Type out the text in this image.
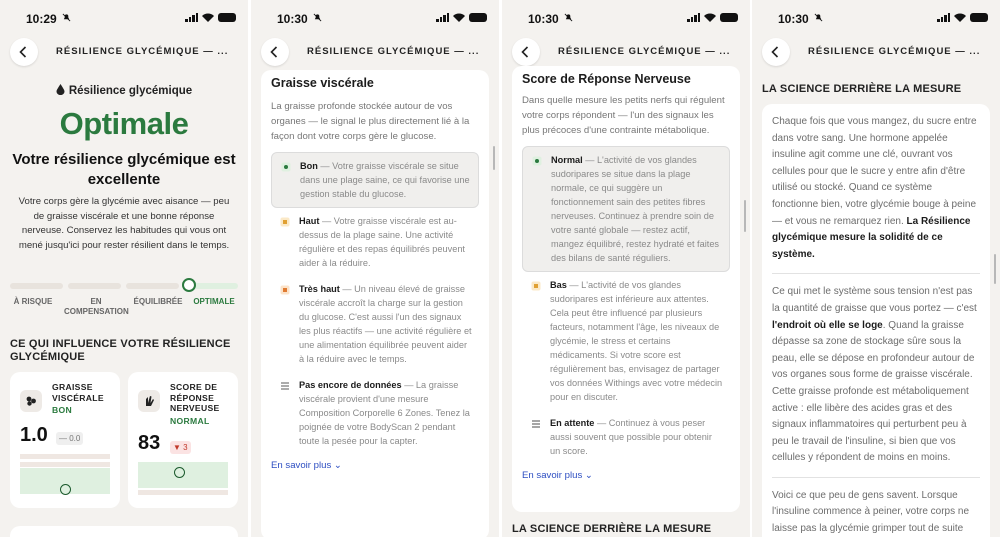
10:29
RÉSILIENCE GLYCÉMIQUE — ...
Résilience glycémique
Optimale
Votre résilience glycémique est excellente
Votre corps gère la glycémie avec aisance — peu de graisse viscérale et une bonne réponse nerveuse. Conservez les habitudes qui vous ont mené jusqu'ici pour rester résilient dans le temps.
À RISQUE	EN COMPENSATION
ÉQUILIBRÉE	OPTIMALE
CE QUI INFLUENCE VOTRE RÉSILIENCE GLYCÉMIQUE
GRAISSE VISCÉRALE
BON
1.0	— 0.0
SCORE DE RÉPONSE NERVEUSE
NORMAL
83	▼ 3
10:30
RÉSILIENCE GLYCÉMIQUE — ...
Graisse viscérale
La graisse profonde stockée autour de vos organes — le signal le plus directement lié à la façon dont votre corps gère le glucose.
Bon — Votre graisse viscérale se situe dans une plage saine, ce qui favorise une gestion stable du glucose.
Haut — Votre graisse viscérale est au-dessus de la plage saine. Une activité régulière et des repas équilibrés peuvent aider à la réduire.
Très haut — Un niveau élevé de graisse viscérale accroît la charge sur la gestion du glucose. C'est aussi l'un des signaux les plus réactifs — une activité régulière et une alimentation équilibrée peuvent aider à la réduire avec le temps.
Pas encore de données — La graisse viscérale provient d'une mesure Composition Corporelle 6 Zones. Tenez la poignée de votre BodyScan 2 pendant toute la pesée pour la capter.
En savoir plus ⌄
10:30
RÉSILIENCE GLYCÉMIQUE — ...
Score de Réponse Nerveuse
Dans quelle mesure les petits nerfs qui régulent votre corps répondent — l'un des signaux les plus précoces d'une contrainte métabolique.
Normal — L'activité de vos glandes sudoripares se situe dans la plage normale, ce qui suggère un fonctionnement sain des petites fibres nerveuses. Continuez à prendre soin de votre santé globale — restez actif, mangez équilibré, restez hydraté et faites des bilans de santé réguliers.
Bas — L'activité de vos glandes sudoripares est inférieure aux attentes. Cela peut être influencé par plusieurs facteurs, notamment l'âge, les niveaux de glycémie, le stress et certains médicaments. Si votre score est régulièrement bas, envisagez de partager vos données Withings avec votre médecin pour en discuter.
En attente — Continuez à vous peser aussi souvent que possible pour obtenir un score.
En savoir plus ⌄
LA SCIENCE DERRIÈRE LA MESURE
10:30
RÉSILIENCE GLYCÉMIQUE — ...
LA SCIENCE DERRIÈRE LA MESURE

Chaque fois que vous mangez, du sucre entre dans votre sang. Une hormone appelée insuline agit comme une clé, ouvrant vos cellules pour que le sucre y entre afin d'être utilisé ou stocké. Quand ce système fonctionne bien, votre glycémie bouge à peine — et vous ne remarquez rien. La Résilience glycémique mesure la solidité de ce système.

Ce qui met le système sous tension n'est pas la quantité de graisse que vous portez — c'est l'endroit où elle se loge. Quand la graisse dépasse sa zone de stockage sûre sous la peau, elle se dépose en profondeur autour de vos organes sous forme de graisse viscérale. Cette graisse profonde est métaboliquement active : elle libère des acides gras et des signaux inflammatoires qui perturbent peu à peu le travail de l'insuline, si bien que vos cellules y répondent de moins en moins.

Voici ce que peu de gens savent. Lorsque l'insuline commence à peiner, votre corps ne laisse pas la glycémie grimper tout de suite
